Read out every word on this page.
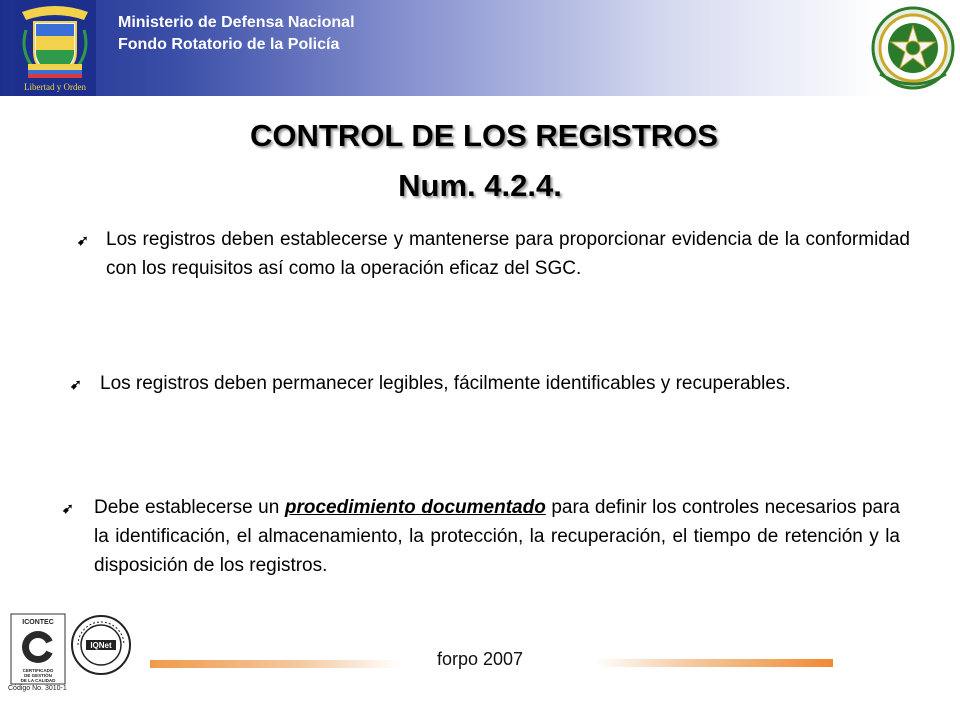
Libertad y Orden
Ministerio de Defensa Nacional
Fondo Rotatorio de la Policía
CONTROL DE LOS REGISTROS
Num. 4.2.4.
➹ Los registros deben establecerse y mantenerse para proporcionar evidencia de la conformidad con los requisitos así como la operación eficaz del SGC.
➹ Los registros deben permanecer legibles, fácilmente identificables y recuperables.
➹ Debe establecerse un procedimiento documentado para definir los controles necesarios para la identificación, el almacenamiento, la protección, la recuperación, el tiempo de retención y la disposición de los registros.
ICONTEC
CERTIFICADO
DE GESTIÓN
DE LA CALIDAD
Código No. 3010-1
IQNet
forpo 2007
